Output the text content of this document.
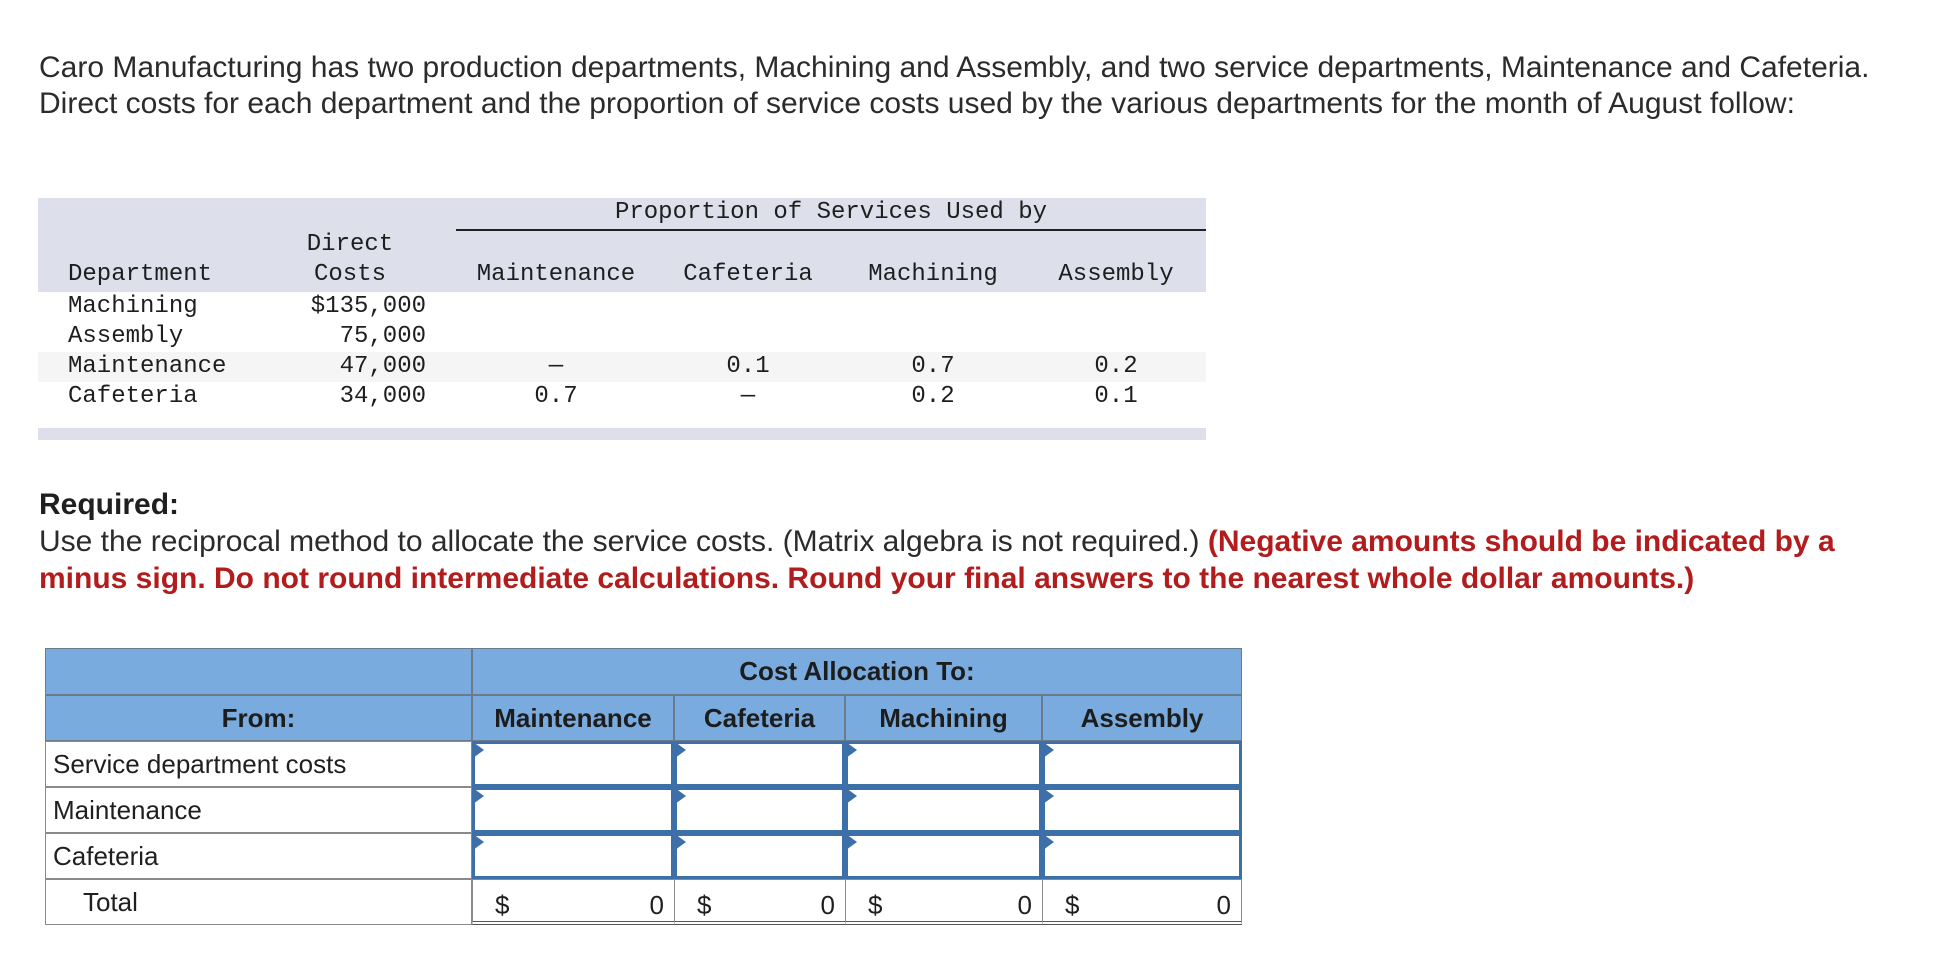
Caro Manufacturing has two production departments, Machining and Assembly, and two service departments, Maintenance and Cafeteria. Direct costs for each department and the proportion of service costs used by the various departments for the month of August follow:
Proportion of Services Used by
Direct
Department	Costs	Maintenance	Cafeteria	Machining	Assembly
Machining	$135,000
Assembly	75,000
Maintenance	47,000	—	0.1	0.7	0.2
Cafeteria	34,000	0.7	—	0.2	0.1
Required:
Use the reciprocal method to allocate the service costs. (Matrix algebra is not required.) (Negative amounts should be indicated by a minus sign. Do not round intermediate calculations. Round your final answers to the nearest whole dollar amounts.)
Cost Allocation To:
From:	Maintenance	Cafeteria	Machining	Assembly
Service department costs
Maintenance
Cafeteria
Total	$	0 $	0 $	0 $	0
